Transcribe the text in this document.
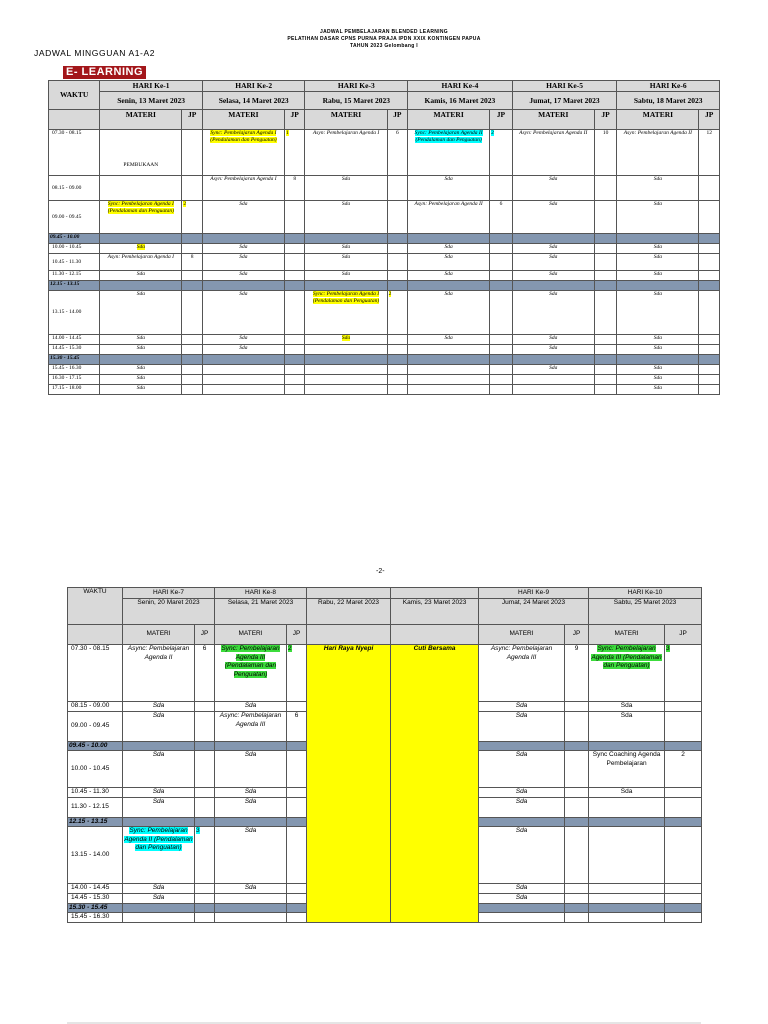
JADWAL PEMBELAJARAN BLENDED LEARNING
PELATIHAN DASAR CPNS PURNA PRAJA IPDN XXIX KONTINGEN PAPUA
TAHUN 2023 Gelombang I
JADWAL MINGGUAN A1-A2
E- LEARNING
WAKTU	HARI Ke-1		HARI Ke-2		HARI Ke-3		HARI Ke-4		HARI Ke-5		HARI Ke-6	
	Senin, 13 Maret 2023		Selasa, 14 Maret 2023		Rabu, 15 Maret 2023		Kamis, 16 Maret 2023		Jumat, 17 Maret 2023		Sabtu, 18 Maret 2023	
	MATERI	JP	MATERI	JP	MATERI	JP	MATERI	JP	MATERI	JP	MATERI	JP
07.30 - 08.15	PEMBUKAAN		Sync: Pembelajaran Agenda I (Pendalaman dan Penguatan)	1	Asyn: Pembelajaran Agenda I	6	Sync: Pembelajaran Agenda II (Pendalaman dan Penguatan)	2	Asyn: Pembelajaran Agenda II	10	Asyn: Pembelajaran Agenda II	12
08.15 - 09.00			Asyn: Pembelajaran Agenda I	8	Sda		Sda		Sda		Sda	
09.00 - 09.45	Sync: Pembelajaran Agenda I (Pendalaman dan Penguatan)	2	Sda		Sda		Asyn: Pembelajaran Agenda II	6	Sda		Sda	
09.45 - 10.00												
10.00 - 10.45	Sda		Sda		Sda		Sda		Sda		Sda	
10.45 - 11.30	Asyn: Pembelajaran Agenda I	8	Sda		Sda		Sda		Sda		Sda	
11.30 - 12.15	Sda		Sda		Sda		Sda		Sda		Sda	
12.15 - 13.15												
13.15 - 14.00	Sda		Sda		Sync: Pembelajaran Agenda I (Pendalaman dan Penguatan)	2	Sda		Sda		Sda	
14.00 - 14.45	Sda		Sda		Sda		Sda		Sda		Sda	
14.45 - 15.30	Sda		Sda						Sda		Sda	
15.30 - 15.45												
15.45 - 16.30	Sda								Sda		Sda	
16.30 - 17.15	Sda										Sda	
17.15 - 18.00	Sda										Sda	
-2-
WAKTU	HARI Ke-7		HARI Ke-8				HARI Ke-9		HARI Ke-10	
	Senin, 20 Maret 2023		Selasa, 21 Maret 2023		Rabu, 22 Maret 2023	Kamis, 23 Maret 2023	Jumat, 24 Maret 2023		Sabtu, 25 Maret 2023	
	MATERI	JP	MATERI	JP			MATERI	JP	MATERI	JP
07.30 - 08.15	Async: Pembelajaran Agenda II	6	Sync: Pembelajaran Agenda III (Pendalaman dan Penguatan)	2	Hari Raya Nyepi	Cuti Bersama	Async: Pembelajaran Agenda III	9	Sync: Pembelajaran Agenda III (Pendalaman dan Penguatan)	3
08.15 - 09.00	Sda		Sda				Sda		Sda	
09.00 - 09.45	Sda		Async: Pembelajaran Agenda III	6			Sda		Sda	
09.45 - 10.00										
10.00 - 10.45	Sda		Sda				Sda		Sync Coaching Agenda Pembelajaran	2
10.45 - 11.30	Sda		Sda				Sda		Sda	
11.30 - 12.15	Sda		Sda				Sda			
12.15 - 13.15										
13.15 - 14.00	Sync: Pembelajaran Agenda II (Pendalaman dan Penguatan)	3	Sda				Sda			
14.00 - 14.45	Sda		Sda				Sda			
14.45 - 15.30	Sda						Sda			
15.30 - 15.45										
15.45 - 16.30										
